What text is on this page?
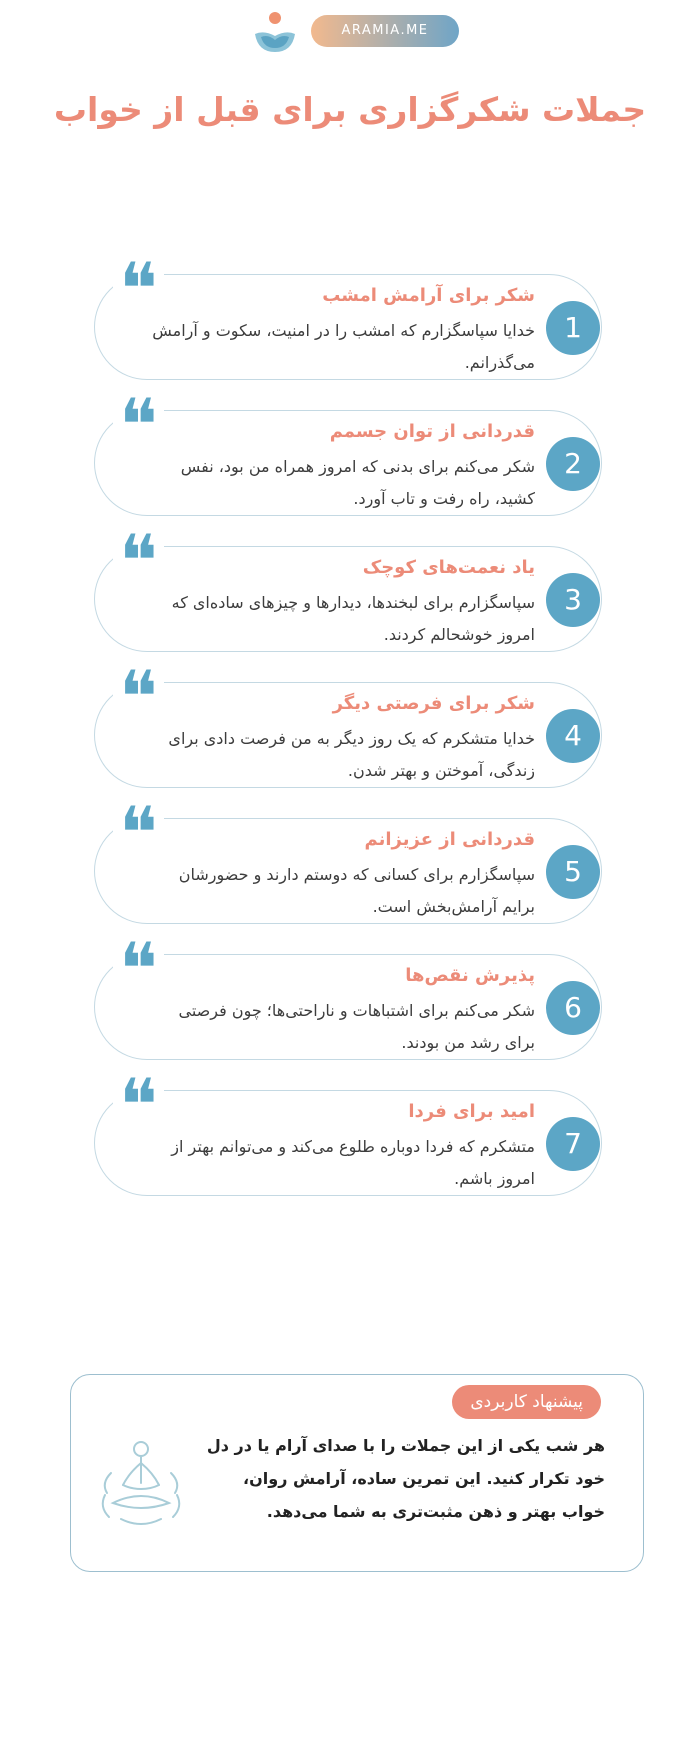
ARAMIA.ME
جملات شکرگزاری برای قبل از خواب
❝	شکر برای آرامش امشب
خدایا سپاسگزارم که امشب را در امنیت، سکوت و آرامش می‌گذرانم.
1
❝	قدردانی از توان جسمم
شکر می‌کنم برای بدنی که امروز همراه من بود، نفس کشید، راه رفت و تاب آورد.
2
❝	یاد نعمت‌های کوچک
سپاسگزارم برای لبخندها، دیدارها و چیزهای ساده‌ای که امروز خوشحالم کردند.
3
❝	شکر برای فرصتی دیگر
خدایا متشکرم که یک روز دیگر به من فرصت دادی برای زندگی، آموختن و بهتر شدن.
4
❝	قدردانی از عزیزانم
سپاسگزارم برای کسانی که دوستم دارند و حضورشان برایم آرامش‌بخش است.
5
❝	پذیرش نقص‌ها
شکر می‌کنم برای اشتباهات و ناراحتی‌ها؛ چون فرصتی برای رشد من بودند.
6
❝	امید برای فردا
متشکرم که فردا دوباره طلوع می‌کند و می‌توانم بهتر از امروز باشم.
7
پیشنهاد کاربردی
هر شب یکی از این جملات را با صدای آرام یا در دل خود تکرار کنید. این تمرین ساده، آرامش روان، خواب بهتر و ذهن مثبت‌تری به شما می‌دهد.
